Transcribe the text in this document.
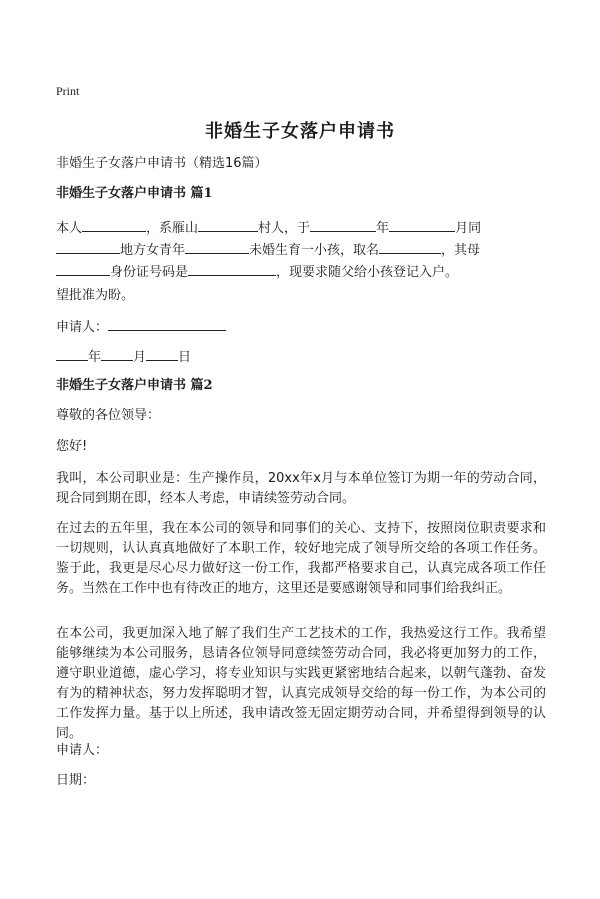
Print
非婚生子女落户申请书
非婚生子女落户申请书（精选16篇）
非婚生子女落户申请书 篇1
本人	，系雁山	村人，于	年	月同
地方女青年	未婚生育一小孩，取名	，其母
身份证号码是	，现要求随父给小孩登记入户。
望批准为盼。
申请人：
年 月 日
非婚生子女落户申请书 篇2
尊敬的各位领导：
您好!
我叫，本公司职业是：生产操作员，20xx年x月与本单位签订为期一年的劳动合同，现合同到期在即，经本人考虑，申请续签劳动合同。
在过去的五年里，我在本公司的领导和同事们的关心、支持下，按照岗位职责要求和一切规则，认认真真地做好了本职工作，较好地完成了领导所交给的各项工作任务。鉴于此，我更是尽心尽力做好这一份工作，我都严格要求自己，认真完成各项工作任务。当然在工作中也有待改正的地方，这里还是要感谢领导和同事们给我纠正。
在本公司，我更加深入地了解了我们生产工艺技术的工作，我热爱这行工作。我希望能够继续为本公司服务，恳请各位领导同意续签劳动合同，我必将更加努力的工作，遵守职业道德，虚心学习，将专业知识与实践更紧密地结合起来，以朝气蓬勃、奋发有为的精神状态，努力发挥聪明才智，认真完成领导交给的每一份工作，为本公司的工作发挥力量。基于以上所述，我申请改签无固定期劳动合同，并希望得到领导的认同。
申请人：
日期：
